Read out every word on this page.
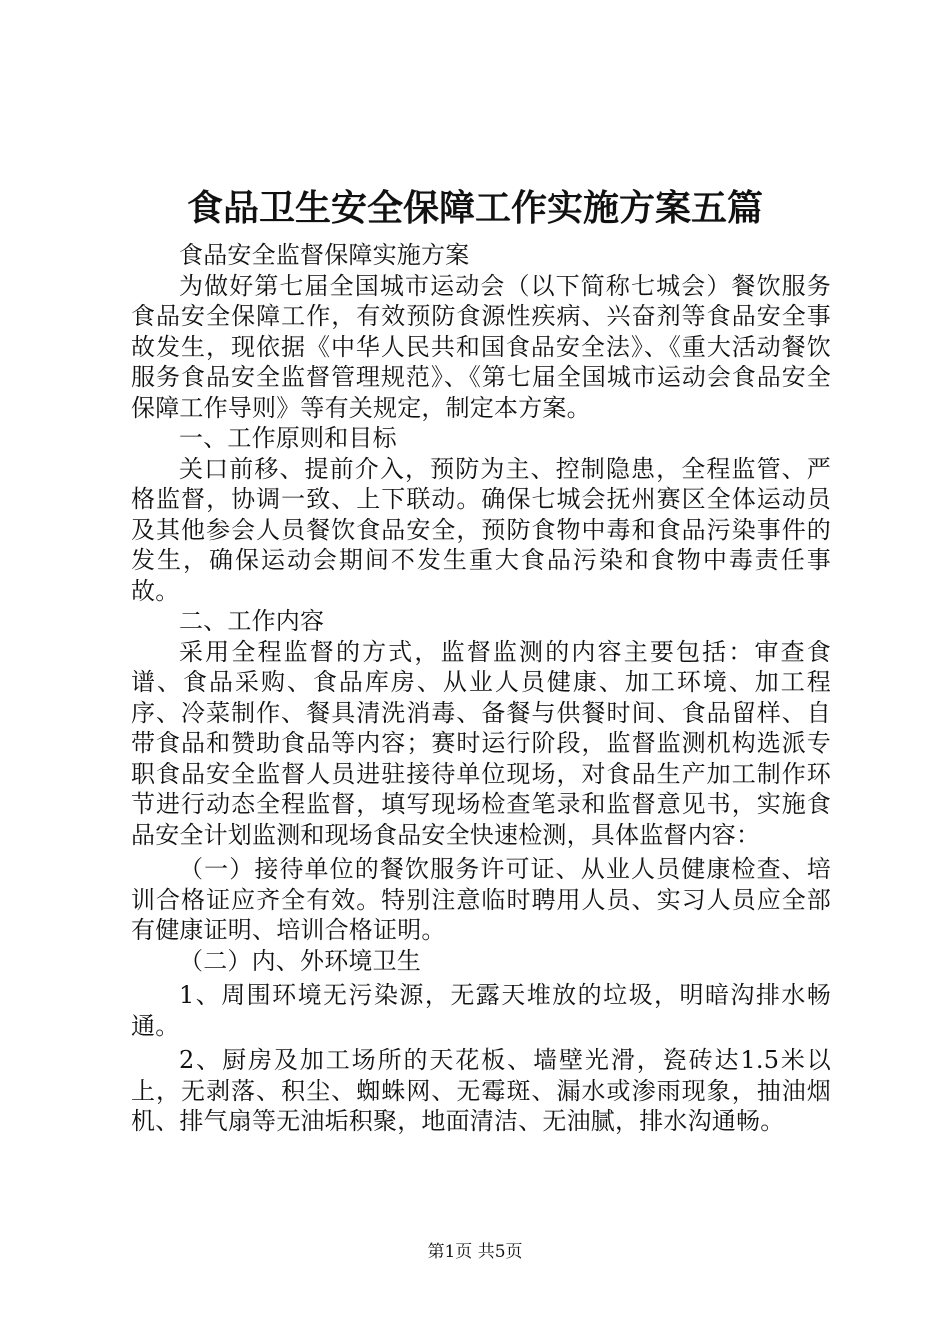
食品卫生安全保障工作实施方案五篇

食品安全监督保障实施方案

为做好第七届全国城市运动会（以下简称七城会）餐饮服务食品安全保障工作，有效预防食源性疾病、兴奋剂等食品安全事故发生，现依据《中华人民共和国食品安全法》、《重大活动餐饮服务食品安全监督管理规范》、《第七届全国城市运动会食品安全保障工作导则》等有关规定，制定本方案。

一、工作原则和目标

关口前移、提前介入，预防为主、控制隐患，全程监管、严格监督，协调一致、上下联动。确保七城会抚州赛区全体运动员及其他参会人员餐饮食品安全，预防食物中毒和食品污染事件的发生，确保运动会期间不发生重大食品污染和食物中毒责任事故。

二、工作内容

采用全程监督的方式，监督监测的内容主要包括：审查食谱、食品采购、食品库房、从业人员健康、加工环境、加工程序、冷菜制作、餐具清洗消毒、备餐与供餐时间、食品留样、自带食品和赞助食品等内容；赛时运行阶段，监督监测机构选派专职食品安全监督人员进驻接待单位现场，对食品生产加工制作环节进行动态全程监督，填写现场检查笔录和监督意见书，实施食品安全计划监测和现场食品安全快速检测，具体监督内容：

（一）接待单位的餐饮服务许可证、从业人员健康检查、培训合格证应齐全有效。特别注意临时聘用人员、实习人员应全部有健康证明、培训合格证明。

（二）内、外环境卫生

1、周围环境无污染源，无露天堆放的垃圾，明暗沟排水畅通。

2、厨房及加工场所的天花板、墙壁光滑，瓷砖达1.5米以上，无剥落、积尘、蜘蛛网、无霉斑、漏水或渗雨现象，抽油烟机、排气扇等无油垢积聚，地面清洁、无油腻，排水沟通畅。

第1页 共5页
